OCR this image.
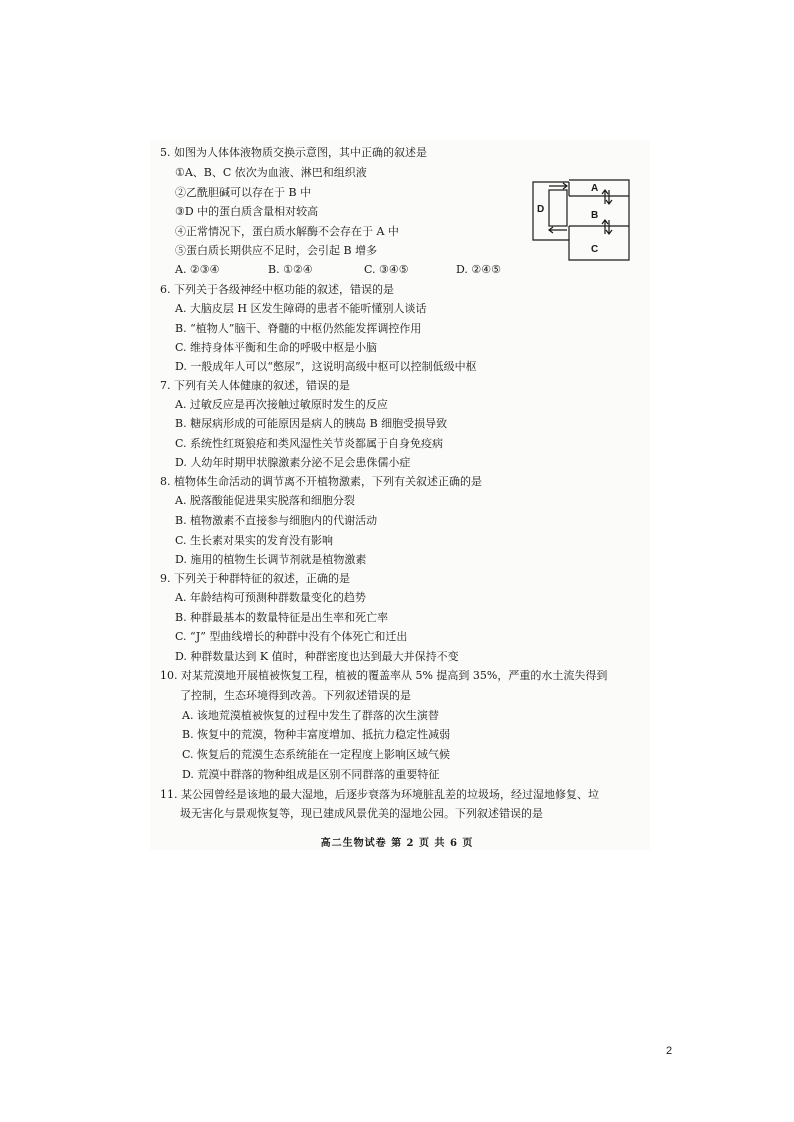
5. 如图为人体体液物质交换示意图，其中正确的叙述是
①A、B、C 依次为血液、淋巴和组织液
②乙酰胆碱可以存在于 B 中
③D 中的蛋白质含量相对较高
④正常情况下，蛋白质水解酶不会存在于 A 中
⑤蛋白质长期供应不足时，会引起 B 增多
A. ②③④	B. ①②④	C. ③④⑤	D. ②④⑤
A
B
C
D
6. 下列关于各级神经中枢功能的叙述，错误的是
A. 大脑皮层 H 区发生障碍的患者不能听懂别人谈话
B. “植物人”脑干、脊髓的中枢仍然能发挥调控作用
C. 维持身体平衡和生命的呼吸中枢是小脑
D. 一般成年人可以“憋尿”，这说明高级中枢可以控制低级中枢
7. 下列有关人体健康的叙述，错误的是
A. 过敏反应是再次接触过敏原时发生的反应
B. 糖尿病形成的可能原因是病人的胰岛 B 细胞受损导致
C. 系统性红斑狼疮和类风湿性关节炎都属于自身免疫病
D. 人幼年时期甲状腺激素分泌不足会患侏儒小症
8. 植物体生命活动的调节离不开植物激素，下列有关叙述正确的是
A. 脱落酸能促进果实脱落和细胞分裂
B. 植物激素不直接参与细胞内的代谢活动
C. 生长素对果实的发育没有影响
D. 施用的植物生长调节剂就是植物激素
9. 下列关于种群特征的叙述，正确的是
A. 年龄结构可预测种群数量变化的趋势
B. 种群最基本的数量特征是出生率和死亡率
C. “J” 型曲线增长的种群中没有个体死亡和迁出
D. 种群数量达到 K 值时，种群密度也达到最大并保持不变
10. 对某荒漠地开展植被恢复工程，植被的覆盖率从 5% 提高到 35%，严重的水土流失得到
了控制，生态环境得到改善。下列叙述错误的是
A. 该地荒漠植被恢复的过程中发生了群落的次生演替
B. 恢复中的荒漠，物种丰富度增加、抵抗力稳定性减弱
C. 恢复后的荒漠生态系统能在一定程度上影响区域气候
D. 荒漠中群落的物种组成是区别不同群落的重要特征
11. 某公园曾经是该地的最大湿地，后逐步衰落为环境脏乱差的垃圾场，经过湿地修复、垃
圾无害化与景观恢复等，现已建成风景优美的湿地公园。下列叙述错误的是
高二生物试卷 第 2 页 共 6 页
2
